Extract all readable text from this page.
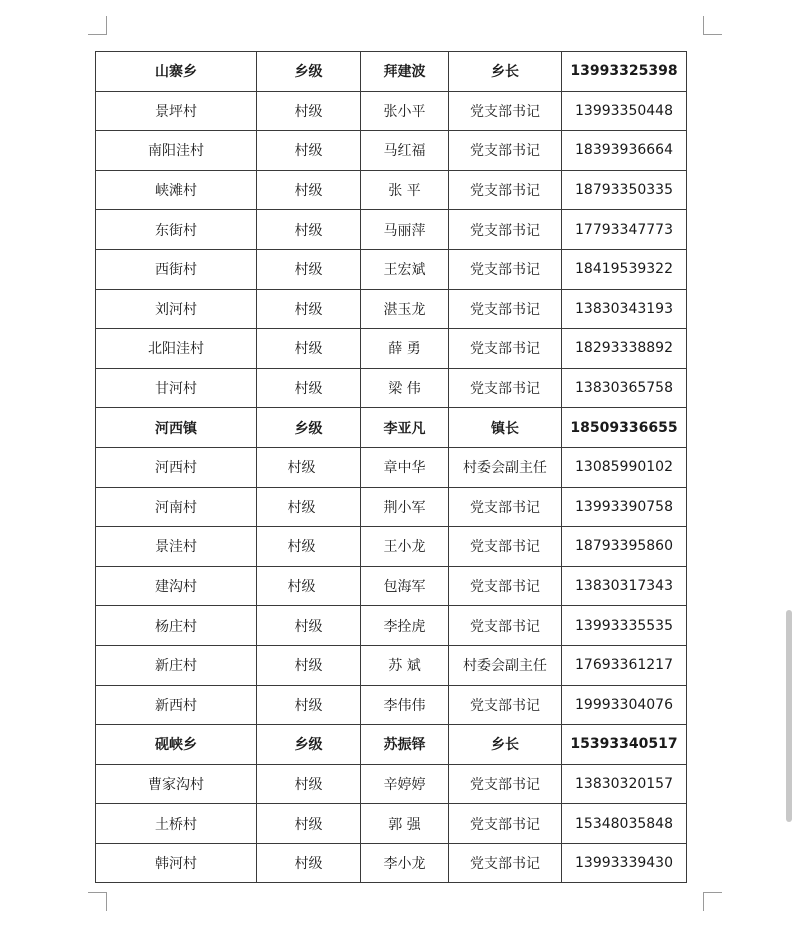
山寨乡	乡级	拜建波	乡长	13993325398
景坪村	村级	张小平	党支部书记	13993350448
南阳洼村	村级	马红福	党支部书记	18393936664
峡滩村	村级	张 平	党支部书记	18793350335
东街村	村级	马丽萍	党支部书记	17793347773
西街村	村级	王宏斌	党支部书记	18419539322
刘河村	村级	湛玉龙	党支部书记	13830343193
北阳洼村	村级	薛 勇	党支部书记	18293338892
甘河村	村级	梁 伟	党支部书记	13830365758
河西镇	乡级	李亚凡	镇长	18509336655
河西村	村级	章中华	村委会副主任	13085990102
河南村	村级	荆小军	党支部书记	13993390758
景洼村	村级	王小龙	党支部书记	18793395860
建沟村	村级	包海军	党支部书记	13830317343
杨庄村	村级	李拴虎	党支部书记	13993335535
新庄村	村级	苏 斌	村委会副主任	17693361217
新西村	村级	李伟伟	党支部书记	19993304076
砚峡乡	乡级	苏振铎	乡长	15393340517
曹家沟村	村级	辛婷婷	党支部书记	13830320157
土桥村	村级	郭 强	党支部书记	15348035848
韩河村	村级	李小龙	党支部书记	13993339430
